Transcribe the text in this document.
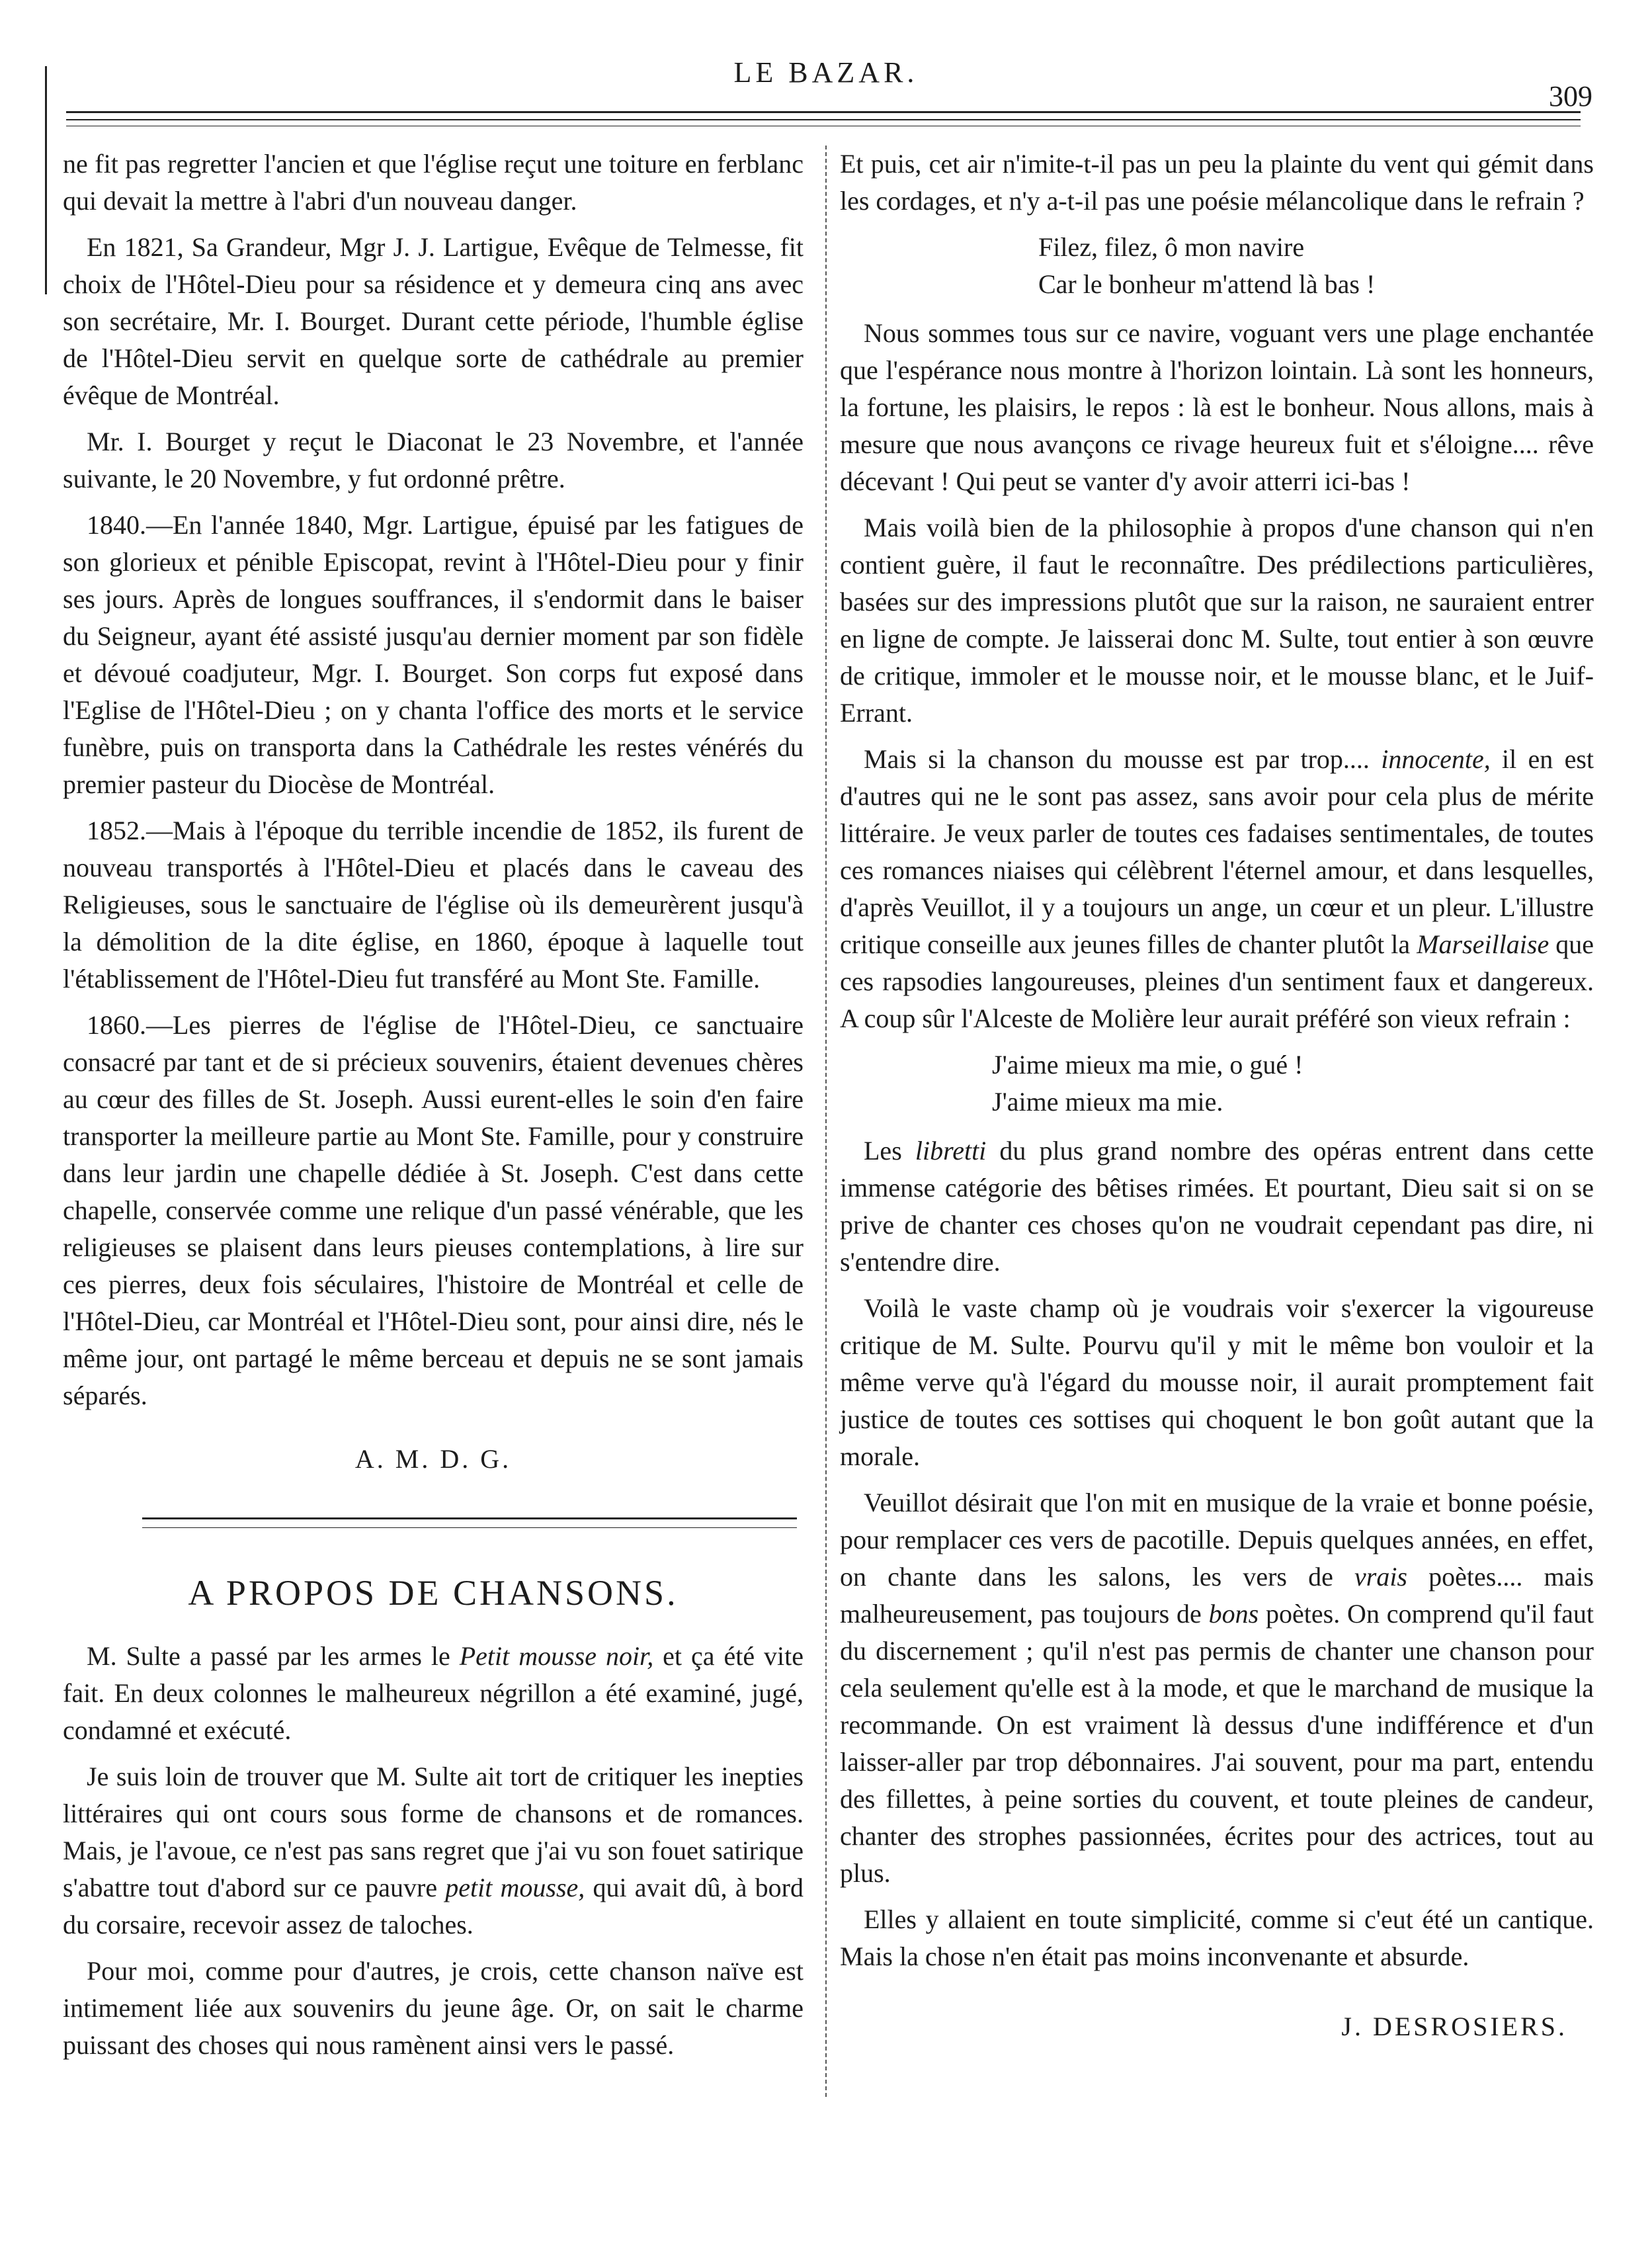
LE BAZAR.
309

ne fit pas regretter l'ancien et que l'église reçut une toiture en ferblanc qui devait la mettre à l'abri d'un nouveau danger.

En 1821, Sa Grandeur, Mgr J. J. Lartigue, Evêque de Telmesse, fit choix de l'Hôtel-Dieu pour sa résidence et y demeura cinq ans avec son secrétaire, Mr. I. Bourget. Durant cette période, l'humble église de l'Hôtel-Dieu servit en quelque sorte de cathédrale au premier évêque de Montréal.

Mr. I. Bourget y reçut le Diaconat le 23 Novembre, et l'année suivante, le 20 Novembre, y fut ordonné prêtre.

1840.—En l'année 1840, Mgr. Lartigue, épuisé par les fatigues de son glorieux et pénible Episcopat, revint à l'Hôtel-Dieu pour y finir ses jours. Après de longues souffrances, il s'endormit dans le baiser du Seigneur, ayant été assisté jusqu'au dernier moment par son fidèle et dévoué coadjuteur, Mgr. I. Bourget. Son corps fut exposé dans l'Eglise de l'Hôtel-Dieu ; on y chanta l'office des morts et le service funèbre, puis on transporta dans la Cathédrale les restes vénérés du premier pasteur du Diocèse de Montréal.

1852.—Mais à l'époque du terrible incendie de 1852, ils furent de nouveau transportés à l'Hôtel-Dieu et placés dans le caveau des Religieuses, sous le sanctuaire de l'église où ils demeurèrent jusqu'à la démolition de la dite église, en 1860, époque à laquelle tout l'établissement de l'Hôtel-Dieu fut transféré au Mont Ste. Famille.

1860.—Les pierres de l'église de l'Hôtel-Dieu, ce sanctuaire consacré par tant et de si précieux souvenirs, étaient devenues chères au cœur des filles de St. Joseph. Aussi eurent-elles le soin d'en faire transporter la meilleure partie au Mont Ste. Famille, pour y construire dans leur jardin une chapelle dédiée à St. Joseph. C'est dans cette chapelle, conservée comme une relique d'un passé vénérable, que les religieuses se plaisent dans leurs pieuses contemplations, à lire sur ces pierres, deux fois séculaires, l'histoire de Montréal et celle de l'Hôtel-Dieu, car Montréal et l'Hôtel-Dieu sont, pour ainsi dire, nés le même jour, ont partagé le même berceau et depuis ne se sont jamais séparés.

A. M. D. G.
A PROPOS DE CHANSONS.

M. Sulte a passé par les armes le Petit mousse noir, et ça été vite fait. En deux colonnes le malheureux négrillon a été examiné, jugé, condamné et exécuté.

Je suis loin de trouver que M. Sulte ait tort de critiquer les inepties littéraires qui ont cours sous forme de chansons et de romances. Mais, je l'avoue, ce n'est pas sans regret que j'ai vu son fouet satirique s'abattre tout d'abord sur ce pauvre petit mousse, qui avait dû, à bord du corsaire, recevoir assez de taloches.

Pour moi, comme pour d'autres, je crois, cette chanson naïve est intimement liée aux souvenirs du jeune âge. Or, on sait le charme puissant des choses qui nous ramènent ainsi vers le passé.

Et puis, cet air n'imite-t-il pas un peu la plainte du vent qui gémit dans les cordages, et n'y a-t-il pas une poésie mélancolique dans le refrain ?

Filez, filez, ô mon navire
Car le bonheur m'attend là bas !

Nous sommes tous sur ce navire, voguant vers une plage enchantée que l'espérance nous montre à l'horizon lointain. Là sont les honneurs, la fortune, les plaisirs, le repos : là est le bonheur. Nous allons, mais à mesure que nous avançons ce rivage heureux fuit et s'éloigne.... rêve décevant ! Qui peut se vanter d'y avoir atterri ici-bas !

Mais voilà bien de la philosophie à propos d'une chanson qui n'en contient guère, il faut le reconnaître. Des prédilections particulières, basées sur des impressions plutôt que sur la raison, ne sauraient entrer en ligne de compte. Je laisserai donc M. Sulte, tout entier à son œuvre de critique, immoler et le mousse noir, et le mousse blanc, et le Juif-Errant.

Mais si la chanson du mousse est par trop.... innocente, il en est d'autres qui ne le sont pas assez, sans avoir pour cela plus de mérite littéraire. Je veux parler de toutes ces fadaises sentimentales, de toutes ces romances niaises qui célèbrent l'éternel amour, et dans lesquelles, d'après Veuillot, il y a toujours un ange, un cœur et un pleur. L'illustre critique conseille aux jeunes filles de chanter plutôt la Marseillaise que ces rapsodies langoureuses, pleines d'un sentiment faux et dangereux. A coup sûr l'Alceste de Molière leur aurait préféré son vieux refrain :

J'aime mieux ma mie, o gué !
J'aime mieux ma mie.

Les libretti du plus grand nombre des opéras entrent dans cette immense catégorie des bêtises rimées. Et pourtant, Dieu sait si on se prive de chanter ces choses qu'on ne voudrait cependant pas dire, ni s'entendre dire.

Voilà le vaste champ où je voudrais voir s'exercer la vigoureuse critique de M. Sulte. Pourvu qu'il y mit le même bon vouloir et la même verve qu'à l'égard du mousse noir, il aurait promptement fait justice de toutes ces sottises qui choquent le bon goût autant que la morale.

Veuillot désirait que l'on mit en musique de la vraie et bonne poésie, pour remplacer ces vers de pacotille. Depuis quelques années, en effet, on chante dans les salons, les vers de vrais poètes.... mais malheureusement, pas toujours de bons poètes. On comprend qu'il faut du discernement ; qu'il n'est pas permis de chanter une chanson pour cela seulement qu'elle est à la mode, et que le marchand de musique la recommande. On est vraiment là dessus d'une indifférence et d'un laisser-aller par trop débonnaires. J'ai souvent, pour ma part, entendu des fillettes, à peine sorties du couvent, et toute pleines de candeur, chanter des strophes passionnées, écrites pour des actrices, tout au plus.

Elles y allaient en toute simplicité, comme si c'eut été un cantique. Mais la chose n'en était pas moins inconvenante et absurde.

J. DESROSIERS.
